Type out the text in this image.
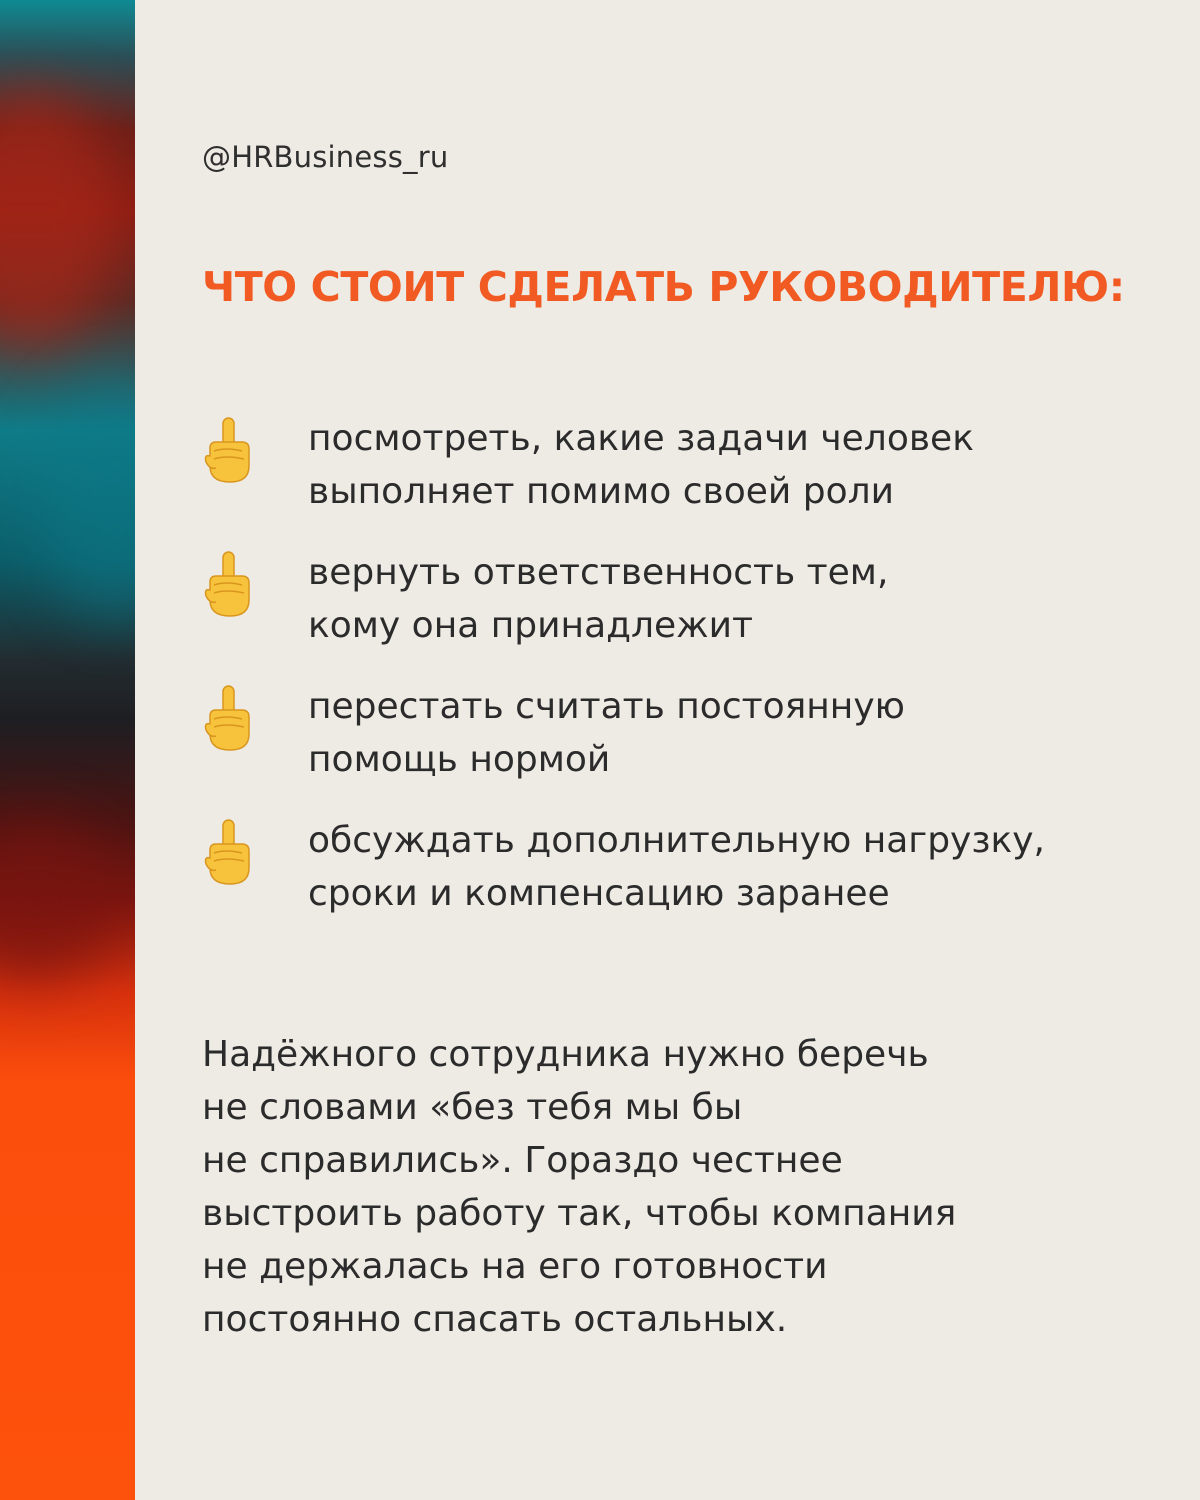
@HRBusiness_ru
ЧТО СТОИТ СДЕЛАТЬ РУКОВОДИТЕЛЮ:
посмотреть, какие задачи человек
выполняет помимо своей роли
вернуть ответственность тем,
кому она принадлежит
перестать считать постоянную
помощь нормой
обсуждать дополнительную нагрузку,
сроки и компенсацию заранее
Надёжного сотрудника нужно беречь
не словами «без тебя мы бы
не справились». Гораздо честнее
выстроить работу так, чтобы компания
не держалась на его готовности
постоянно спасать остальных.
